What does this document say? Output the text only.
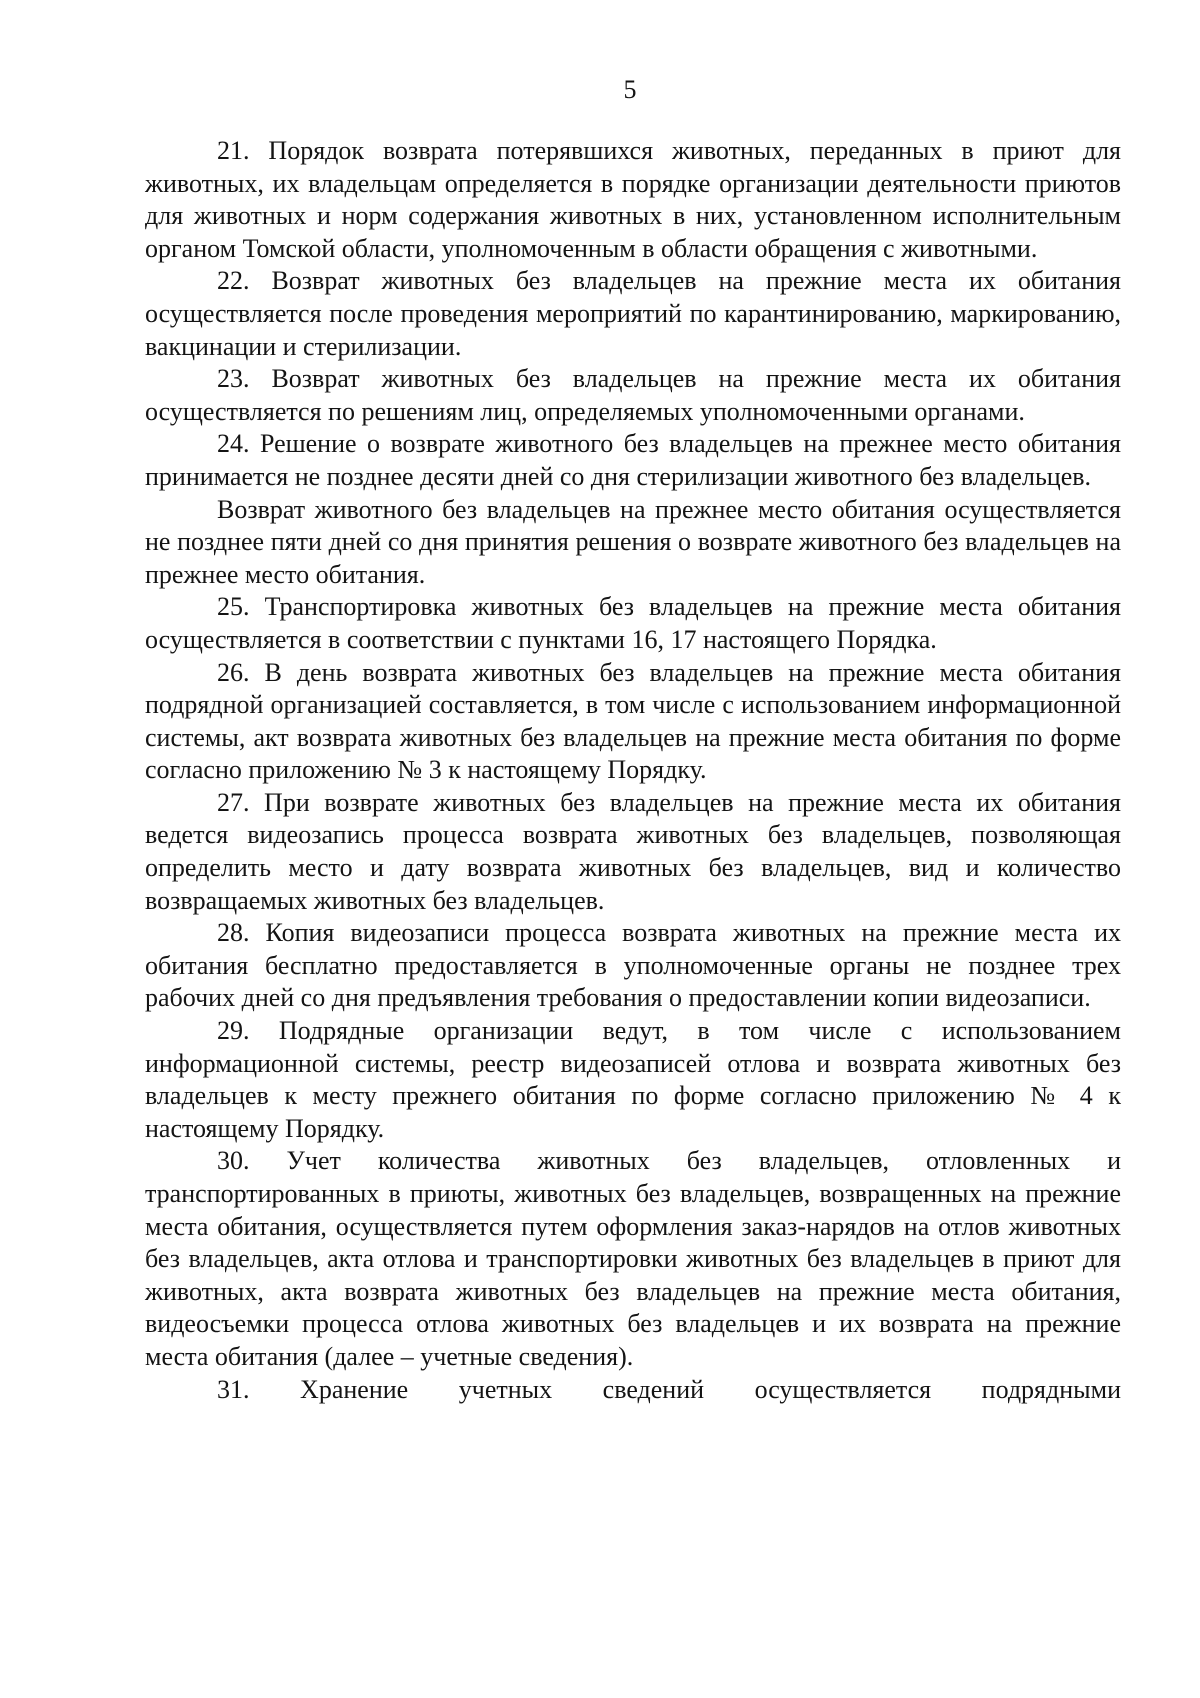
5

21. Порядок возврата потерявшихся животных, переданных в приют для животных, их владельцам определяется в порядке организации деятельности приютов для животных и норм содержания животных в них, установленном исполнительным органом Томской области, уполномоченным в области обращения с животными.

22. Возврат животных без владельцев на прежние места их обитания осуществляется после проведения мероприятий по карантинированию, маркированию, вакцинации и стерилизации.

23. Возврат животных без владельцев на прежние места их обитания осуществляется по решениям лиц, определяемых уполномоченными органами.

24. Решение о возврате животного без владельцев на прежнее место обитания принимается не позднее десяти дней со дня стерилизации животного без владельцев.

Возврат животного без владельцев на прежнее место обитания осуществляется не позднее пяти дней со дня принятия решения о возврате животного без владельцев на прежнее место обитания.

25. Транспортировка животных без владельцев на прежние места обитания осуществляется в соответствии с пунктами 16, 17 настоящего Порядка.

26. В день возврата животных без владельцев на прежние места обитания подрядной организацией составляется, в том числе с использованием информационной системы, акт возврата животных без владельцев на прежние места обитания по форме согласно приложению № 3 к настоящему Порядку.

27. При возврате животных без владельцев на прежние места их обитания ведется видеозапись процесса возврата животных без владельцев, позволяющая определить место и дату возврата животных без владельцев, вид и количество возвращаемых животных без владельцев.

28. Копия видеозаписи процесса возврата животных на прежние места их обитания бесплатно предоставляется в уполномоченные органы не позднее трех рабочих дней со дня предъявления требования о предоставлении копии видеозаписи.

29. Подрядные организации ведут, в том числе с использованием информационной системы, реестр видеозаписей отлова и возврата животных без владельцев к месту прежнего обитания по форме согласно приложению № 4 к настоящему Порядку.

30. Учет количества животных без владельцев, отловленных и транспортированных в приюты, животных без владельцев, возвращенных на прежние места обитания, осуществляется путем оформления заказ-нарядов на отлов животных без владельцев, акта отлова и транспортировки животных без владельцев в приют для животных, акта возврата животных без владельцев на прежние места обитания, видеосъемки процесса отлова животных без владельцев и их возврата на прежние места обитания (далее – учетные сведения).

31. Хранение учетных сведений осуществляется подрядными
